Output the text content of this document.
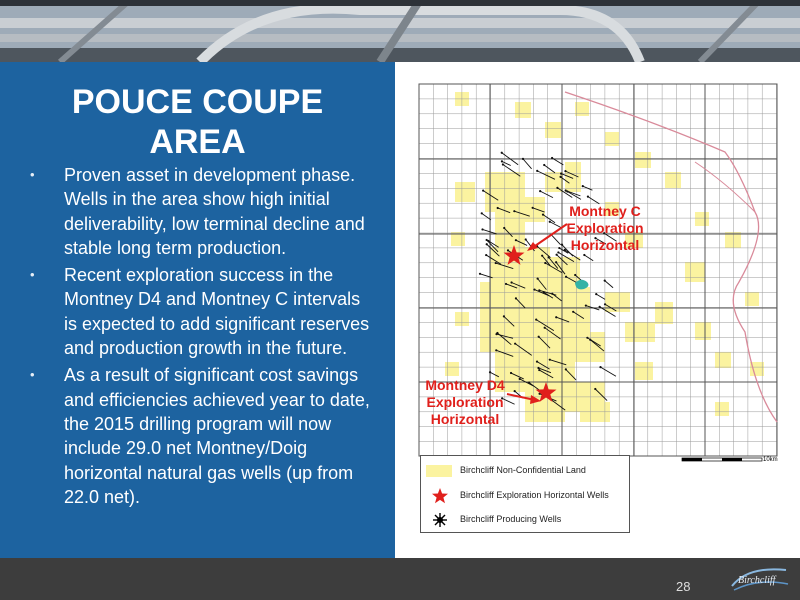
POUCE COUPE
AREA
• Proven asset in development phase. Wells in the area show high initial deliverability, low terminal decline and stable long term production.
• Recent exploration success in the Montney D4 and Montney C intervals is expected to add significant reserves and production growth in the future.
• As a result of significant cost savings and efficiencies achieved year to date, the 2015 drilling program will now include 29.0 net Montney/Doig horizontal natural gas wells (up from 22.0 net).
10km
Montney C
Exploration
Horizontal
Montney D4
Exploration
Horizontal
Birchcliff Non-Confidential Land
Birchcliff Exploration Horizontal Wells
Birchcliff Producing Wells
28	Birchcliff
